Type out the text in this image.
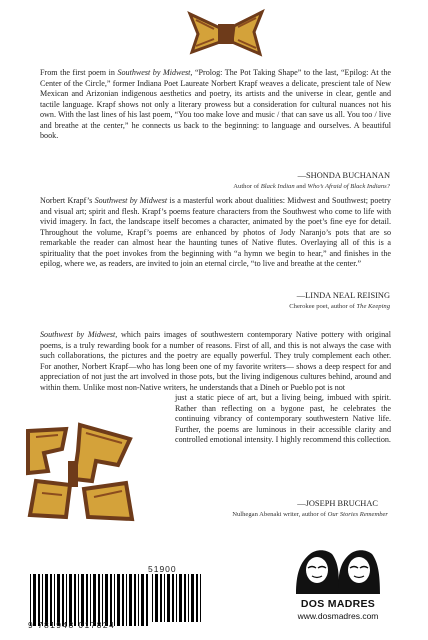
From the first poem in Southwest by Midwest, “Prolog: The Pot Taking Shape” to the last, “Epilog: At the Center of the Circle,” former Indiana Poet Laureate Norbert Krapf weaves a delicate, prescient tale of New Mexican and Arizonian indigenous aesthetics and poetry, its artists and the universe in clear, gentle and tactile language. Krapf shows not only a literary prowess but a consideration for cultural nuances not his own. With the last lines of his last poem, “You too make love and music / that can save us all. You too / live and breathe at the center,” he connects us back to the beginning: to language and ourselves. A beautiful book.

—SHONDA BUCHANAN
Author of Black Indian and Who’s Afraid of Black Indians?

Norbert Krapf’s Southwest by Midwest is a masterful work about dualities: Midwest and Southwest; poetry and visual art; spirit and flesh. Krapf’s poems feature characters from the Southwest who come to life with vivid imagery. In fact, the landscape itself becomes a character, animated by the poet’s fine eye for detail. Throughout the volume, Krapf’s poems are enhanced by photos of Jody Naranjo’s pots that are so remarkable the reader can almost hear the haunting tunes of Native flutes. Overlaying all of this is a spirituality that the poet invokes from the beginning with “a hymn we begin to hear,” and finishes in the epilog, where we, as readers, are invited to join an eternal circle, “to live and breathe at the center.”

—LINDA NEAL REISING
Cherokee poet, author of The Keeping
Southwest by Midwest, which pairs images of southwestern contemporary Native pottery with original poems, is a truly rewarding book for a number of reasons. First of all, and this is not always the case with such collaborations, the pictures and the poetry are equally powerful. They truly complement each other. For another, Norbert Krapf—who has long been one of my favorite writers— shows a deep respect for and appreciation of not just the art involved in those pots, but the living indigenous cultures behind, around and within them. Unlike most non-Native writers, he understands that a Dineh or Pueblo pot is not
just a static piece of art, but a living being, imbued with spirit. Rather than reflecting on a bygone past, he celebrates the continuing vibrancy of contemporary southwestern Native life. Further, the poems are luminous in their accessible clarity and controlled emotional intensity. I highly recommend this collection.
—JOSEPH BRUCHAC
Nulhegan Abenaki writer, author of Our Stories Remember
DOS MADRES
www.dosmadres.com
51900
9 781948 017824
